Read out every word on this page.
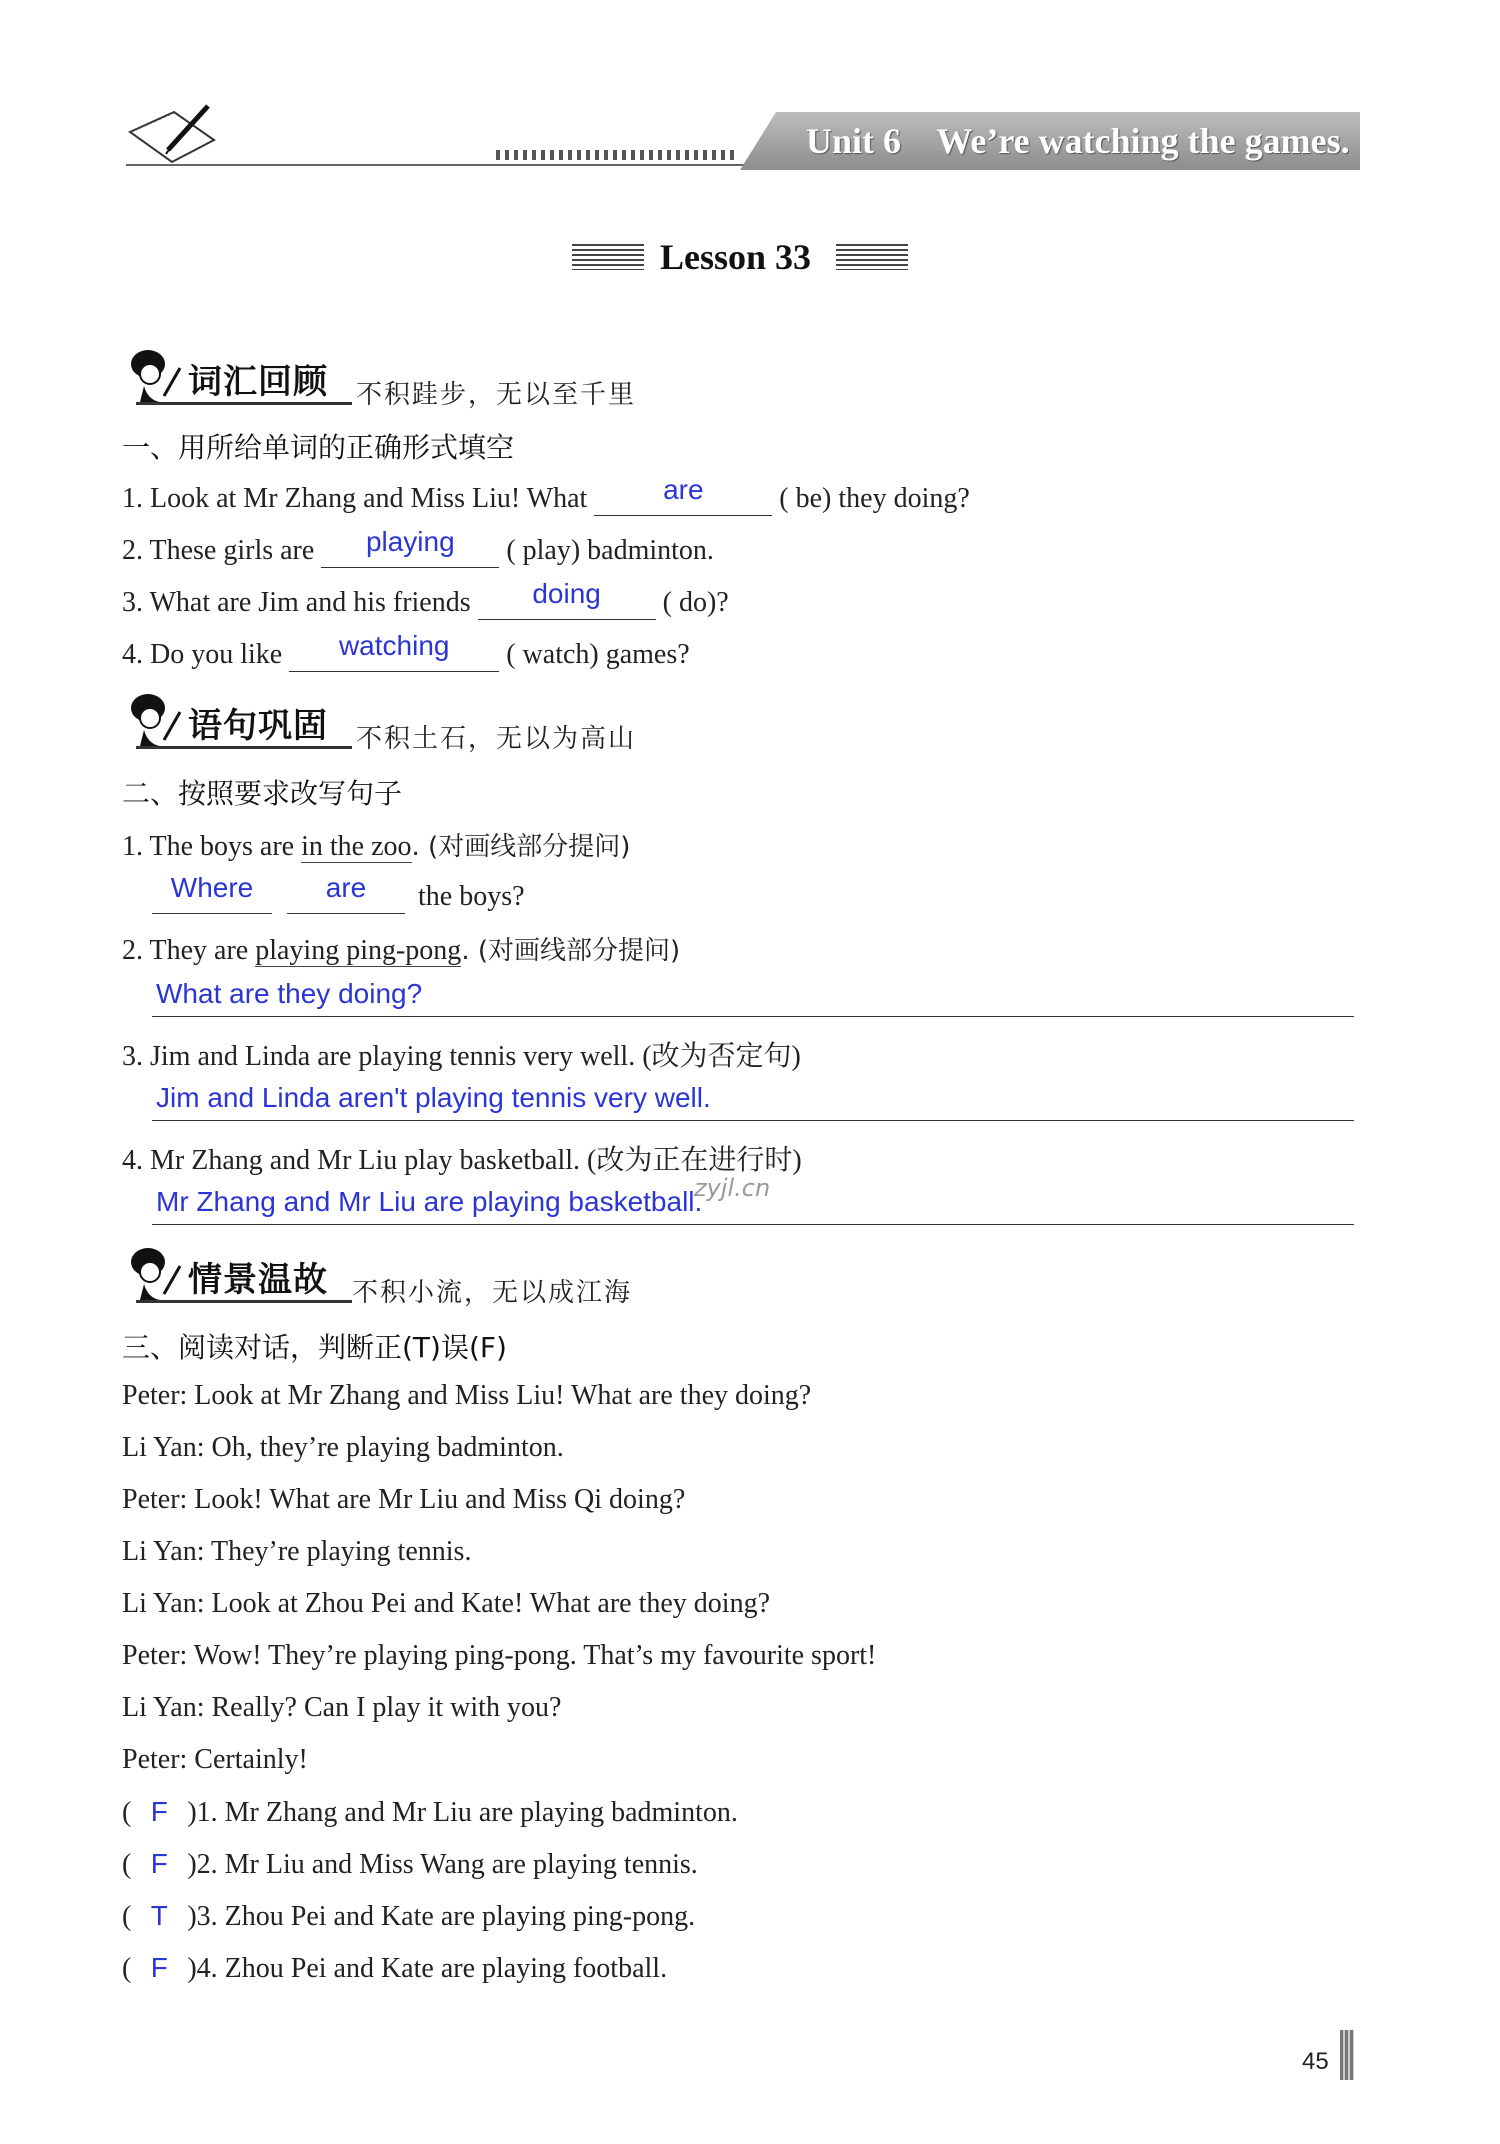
Unit 6    We’re watching the games.
Lesson 33
词汇回顾 不积跬步，无以至千里
一、用所给单词的正确形式填空
1. Look at Mr Zhang and Miss Liu! What	are	( be) they doing?
2. These girls are playing ( play) badminton.
3. What are Jim and his friends doing ( do)?
4. Do you like watching ( watch) games?
语句巩固 不积土石，无以为高山
二、按照要求改写句子
1. The boys are in the zoo. (对画线部分提问)
Where	are the boys?
2. They are playing ping-pong. (对画线部分提问)
What are they doing?
3. Jim and Linda are playing tennis very well. (改为否定句)
Jim and Linda aren't playing tennis very well.
4. Mr Zhang and Mr Liu play basketball. (改为正在进行时)
Mr Zhang and Mr Liu are playing basketball.
zyjl.cn
情景温故 不积小流，无以成江海
三、阅读对话，判断正(T)误(F)
Peter: Look at Mr Zhang and Miss Liu! What are they doing?
Li Yan: Oh, they’re playing badminton.
Peter: Look! What are Mr Liu and Miss Qi doing?
Li Yan: They’re playing tennis.
Li Yan: Look at Zhou Pei and Kate! What are they doing?
Peter: Wow! They’re playing ping-pong. That’s my favourite sport!
Li Yan: Really? Can I play it with you?
Peter: Certainly!
( F )1. Mr Zhang and Mr Liu are playing badminton.
( F )2. Mr Liu and Miss Wang are playing tennis.
( T )3. Zhou Pei and Kate are playing ping-pong.
( F )4. Zhou Pei and Kate are playing football.
45
